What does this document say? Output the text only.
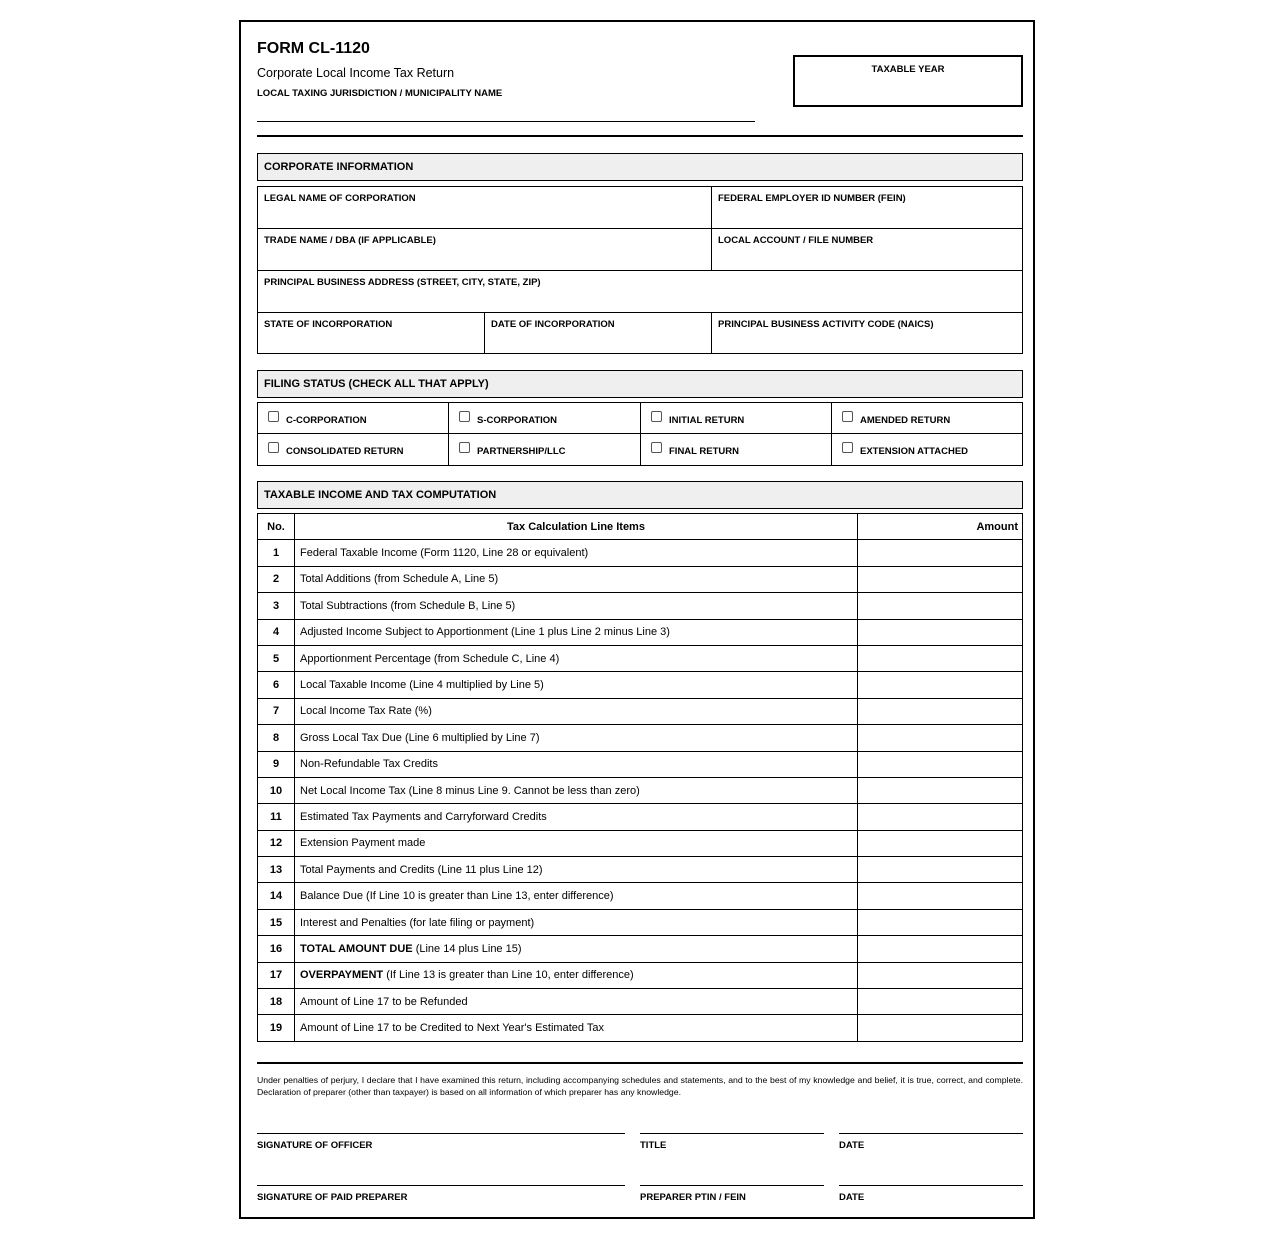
FORM CL-1120
Corporate Local Income Tax Return
LOCAL TAXING JURISDICTION / MUNICIPALITY NAME
TAXABLE YEAR
CORPORATE INFORMATION
LEGAL NAME OF CORPORATION	FEDERAL EMPLOYER ID NUMBER (FEIN)
TRADE NAME / DBA (IF APPLICABLE)	LOCAL ACCOUNT / FILE NUMBER
PRINCIPAL BUSINESS ADDRESS (STREET, CITY, STATE, ZIP)
STATE OF INCORPORATION	DATE OF INCORPORATION	PRINCIPAL BUSINESS ACTIVITY CODE (NAICS)
FILING STATUS (CHECK ALL THAT APPLY)
C-CORPORATION	S-CORPORATION	INITIAL RETURN	AMENDED RETURN
CONSOLIDATED RETURN	PARTNERSHIP/LLC	FINAL RETURN	EXTENSION ATTACHED
TAXABLE INCOME AND TAX COMPUTATION
No.	Tax Calculation Line Items	Amount
1	Federal Taxable Income (Form 1120, Line 28 or equivalent)	
2	Total Additions (from Schedule A, Line 5)	
3	Total Subtractions (from Schedule B, Line 5)	
4	Adjusted Income Subject to Apportionment (Line 1 plus Line 2 minus Line 3)	
5	Apportionment Percentage (from Schedule C, Line 4)	
6	Local Taxable Income (Line 4 multiplied by Line 5)	
7	Local Income Tax Rate (%)	
8	Gross Local Tax Due (Line 6 multiplied by Line 7)	
9	Non-Refundable Tax Credits	
10	Net Local Income Tax (Line 8 minus Line 9. Cannot be less than zero)	
11	Estimated Tax Payments and Carryforward Credits	
12	Extension Payment made	
13	Total Payments and Credits (Line 11 plus Line 12)	
14	Balance Due (If Line 10 is greater than Line 13, enter difference)	
15	Interest and Penalties (for late filing or payment)	
16	TOTAL AMOUNT DUE (Line 14 plus Line 15)	
17	OVERPAYMENT (If Line 13 is greater than Line 10, enter difference)	
18	Amount of Line 17 to be Refunded	
19	Amount of Line 17 to be Credited to Next Year's Estimated Tax	
Under penalties of perjury, I declare that I have examined this return, including accompanying schedules and statements, and to the best of my knowledge and belief, it is true, correct, and complete. Declaration of preparer (other than taxpayer) is based on all information of which preparer has any knowledge.
SIGNATURE OF OFFICER	TITLE	DATE
SIGNATURE OF PAID PREPARER	PREPARER PTIN / FEIN	DATE
